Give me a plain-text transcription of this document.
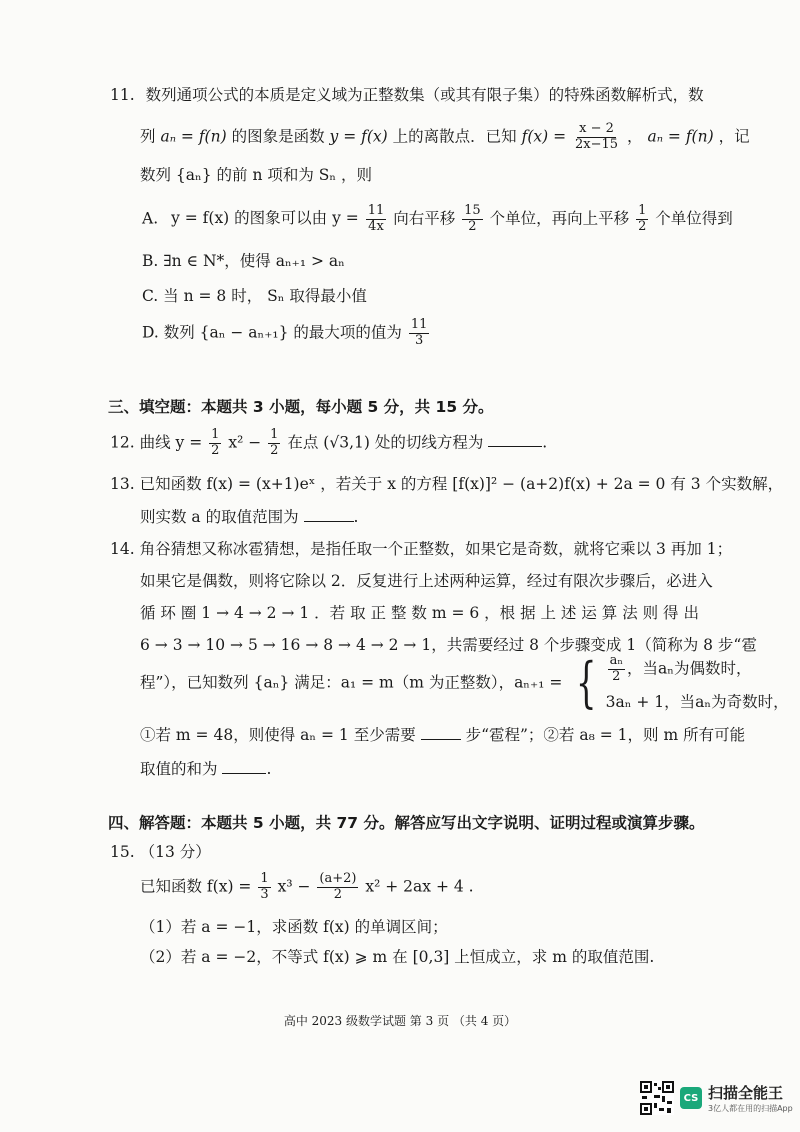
11. 数列通项公式的本质是定义域为正整数集（或其有限子集）的特殊函数解析式，数
列 aₙ = f(n) 的图象是函数 y = f(x) 上的离散点．已知 $f(x) = \frac{x - 2}{2x-15}$ ， aₙ = f(n) ，记
数列 {aₙ} 的前 n 项和为 Sₙ ，则
A. y = f(x) 的图象可以由 $y = \frac{11}{4x}$ 向右平移 $\frac{15}{2}$ 个单位，再向上平移 $\frac{1}{2}$ 个单位得到
B. ∃n ∈ N*，使得 aₙ₊₁ > aₙ
C. 当 n = 8 时， Sₙ 取得最小值
D. 数列 {aₙ − aₙ₊₁} 的最大项的值为 $\frac{11}{3}$
三、填空题：本题共 3 小题，每小题 5 分，共 15 分。
12. 曲线 $y = \frac{1}{2} x^2 - \frac{1}{2}$ 在点 (√3,1) 处的切线方程为	.
13. 已知函数 f(x) = (x+1)eˣ ，若关于 x 的方程 [f(x)]² − (a+2)f(x) + 2a = 0 有 3 个实数解，
则实数 a 的取值范围为	.
14. 角谷猜想又称冰雹猜想，是指任取一个正整数，如果它是奇数，就将它乘以 3 再加 1；
如果它是偶数，则将它除以 2．反复进行上述两种运算，经过有限次步骤后，必进入
循 环 圈 1 → 4 → 2 → 1 ．若 取 正 整 数 m = 6 ，根 据 上 述 运 算 法 则 得 出
6 → 3 → 10 → 5 → 16 → 8 → 4 → 2 → 1，共需要经过 8 个步骤变成 1（简称为 8 步“雹
程”），已知数列 {aₙ} 满足：a₁ = m（m 为正整数），aₙ₊₁ = { $\frac{\text{aₙ}}{2}$ ，当aₙ为偶数时，
3aₙ + 1，当aₙ为奇数时，
①若 m = 48，则使得 aₙ = 1 至少需要	步“雹程”；②若 a₈ = 1，则 m 所有可能
取值的和为	.
四、解答题：本题共 5 小题，共 77 分。解答应写出文字说明、证明过程或演算步骤。
15. （13 分）
已知函数 $f(x) = \frac{1}{3} x^3 - \frac{(a+2)}{2} x^2 + 2ax + 4$ .
（1）若 a = −1，求函数 f(x) 的单调区间；
（2）若 a = −2，不等式 f(x) ⩾ m 在 [0,3] 上恒成立，求 m 的取值范围.
高中 2023 级数学试题 第 3 页 （共 4 页）
CS 扫描全能王
3亿人都在用的扫描App
